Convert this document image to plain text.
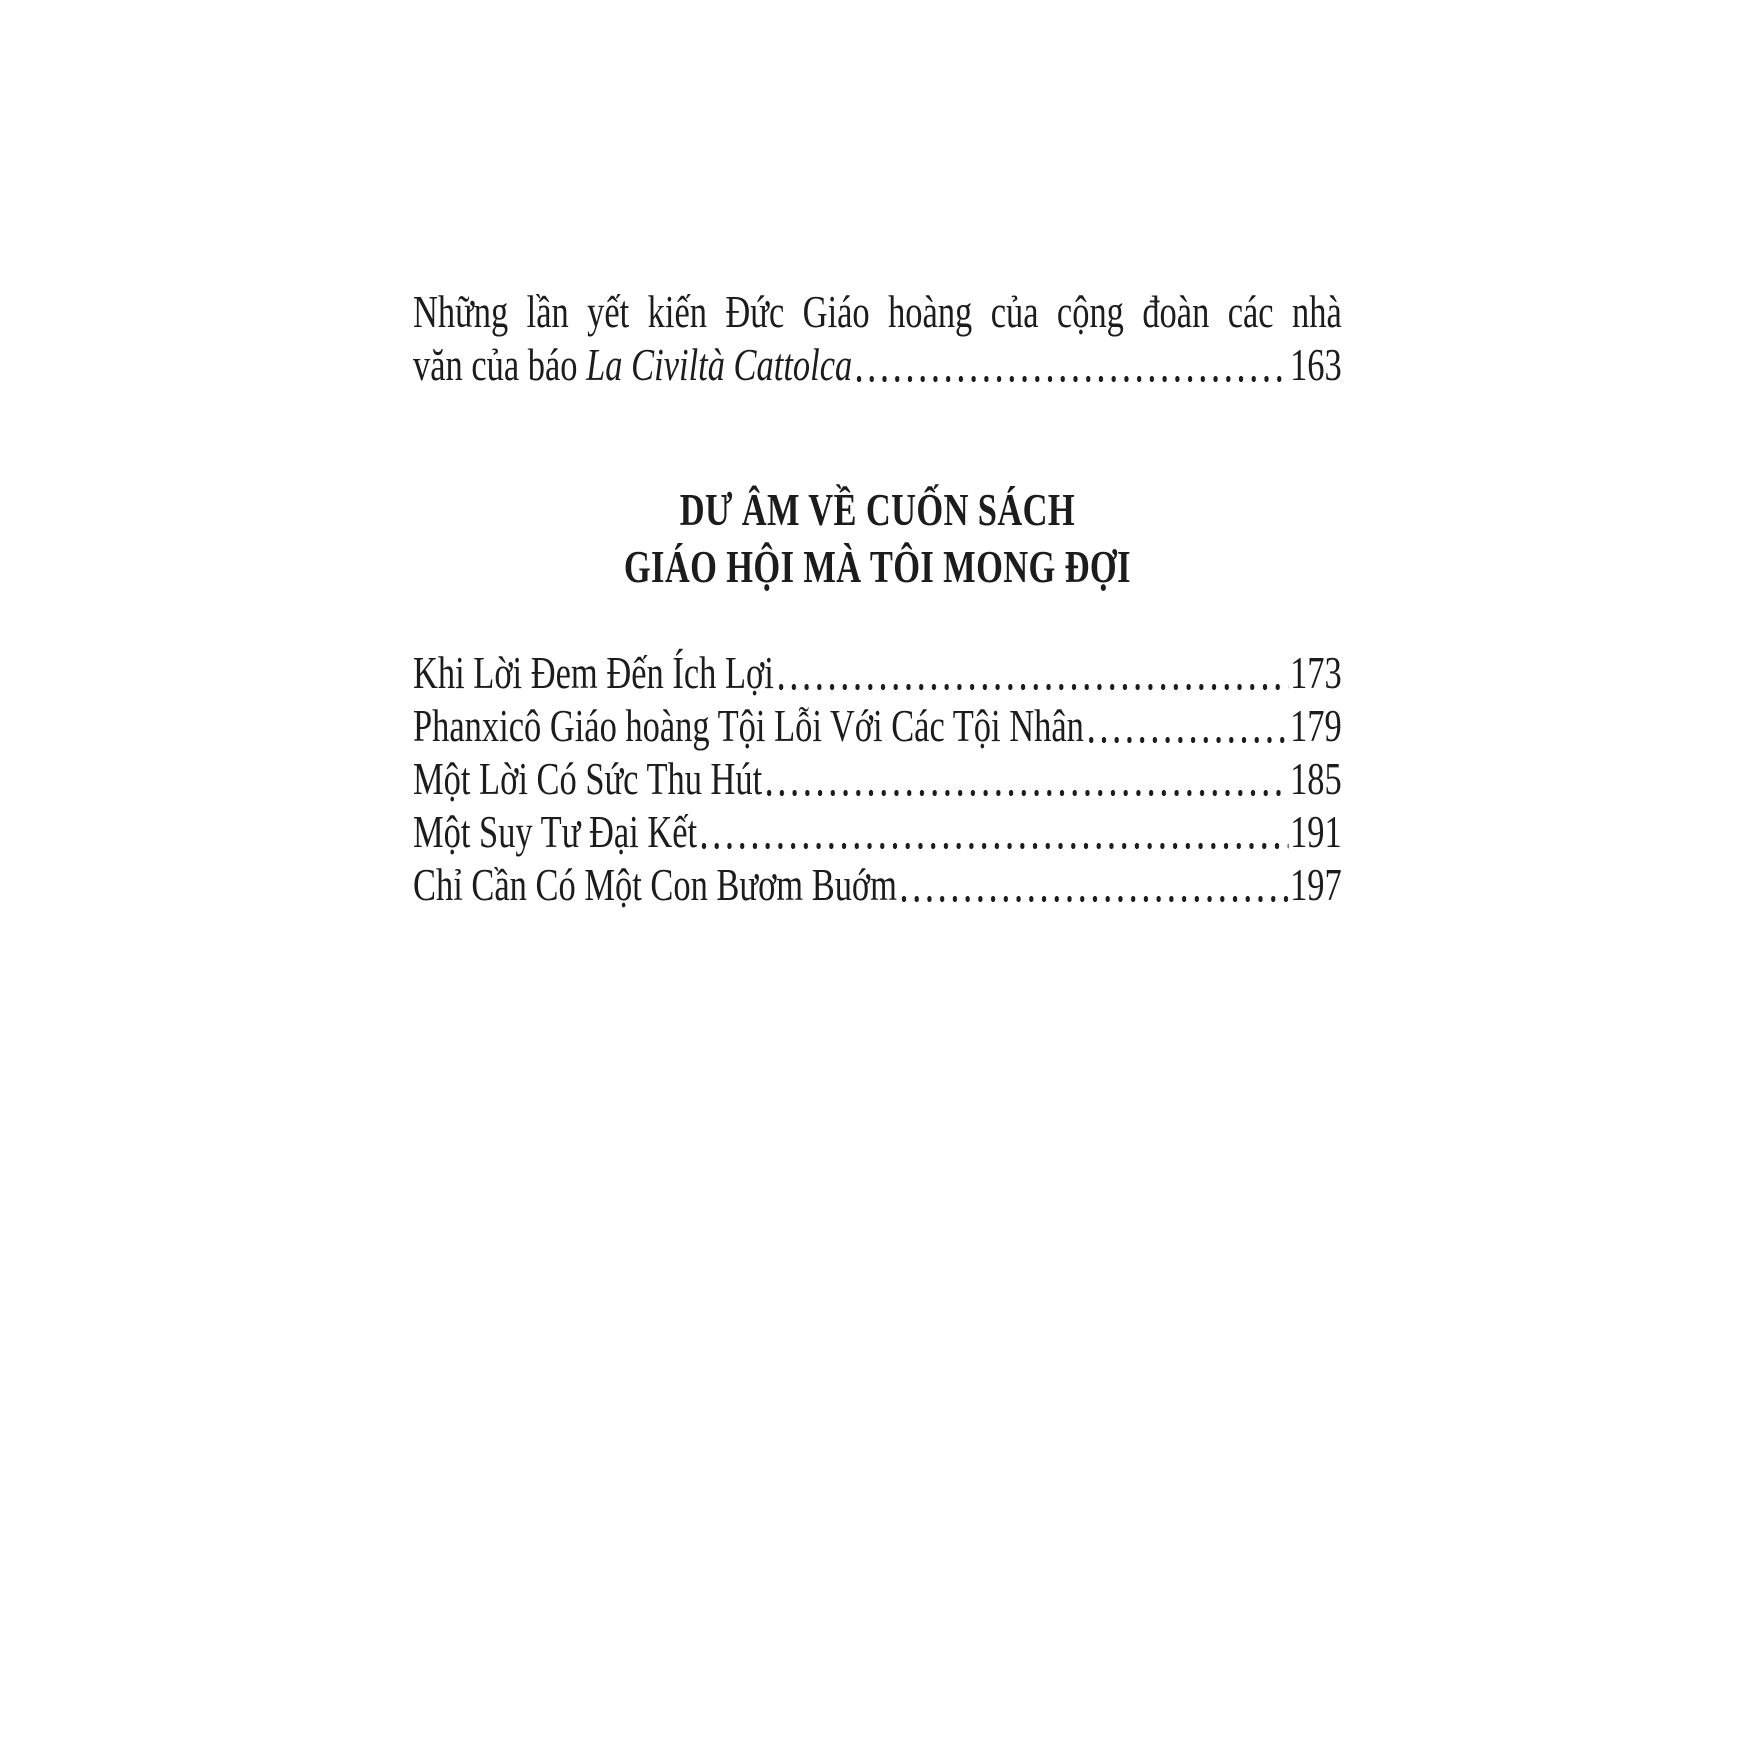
Những lần yết kiến Đức Giáo hoàng của cộng đoàn các nhà
văn của báo La Civiltà Cattolca	163
DƯ ÂM VỀ CUỐN SÁCH
GIÁO HỘI MÀ TÔI MONG ĐỢI
Khi Lời Đem Đến Ích Lợi	173
Phanxicô Giáo hoàng Tội Lỗi Với Các Tội Nhân	179
Một Lời Có Sức Thu Hút	185
Một Suy Tư Đại Kết	191
Chỉ Cần Có Một Con Bươm Buớm	197
